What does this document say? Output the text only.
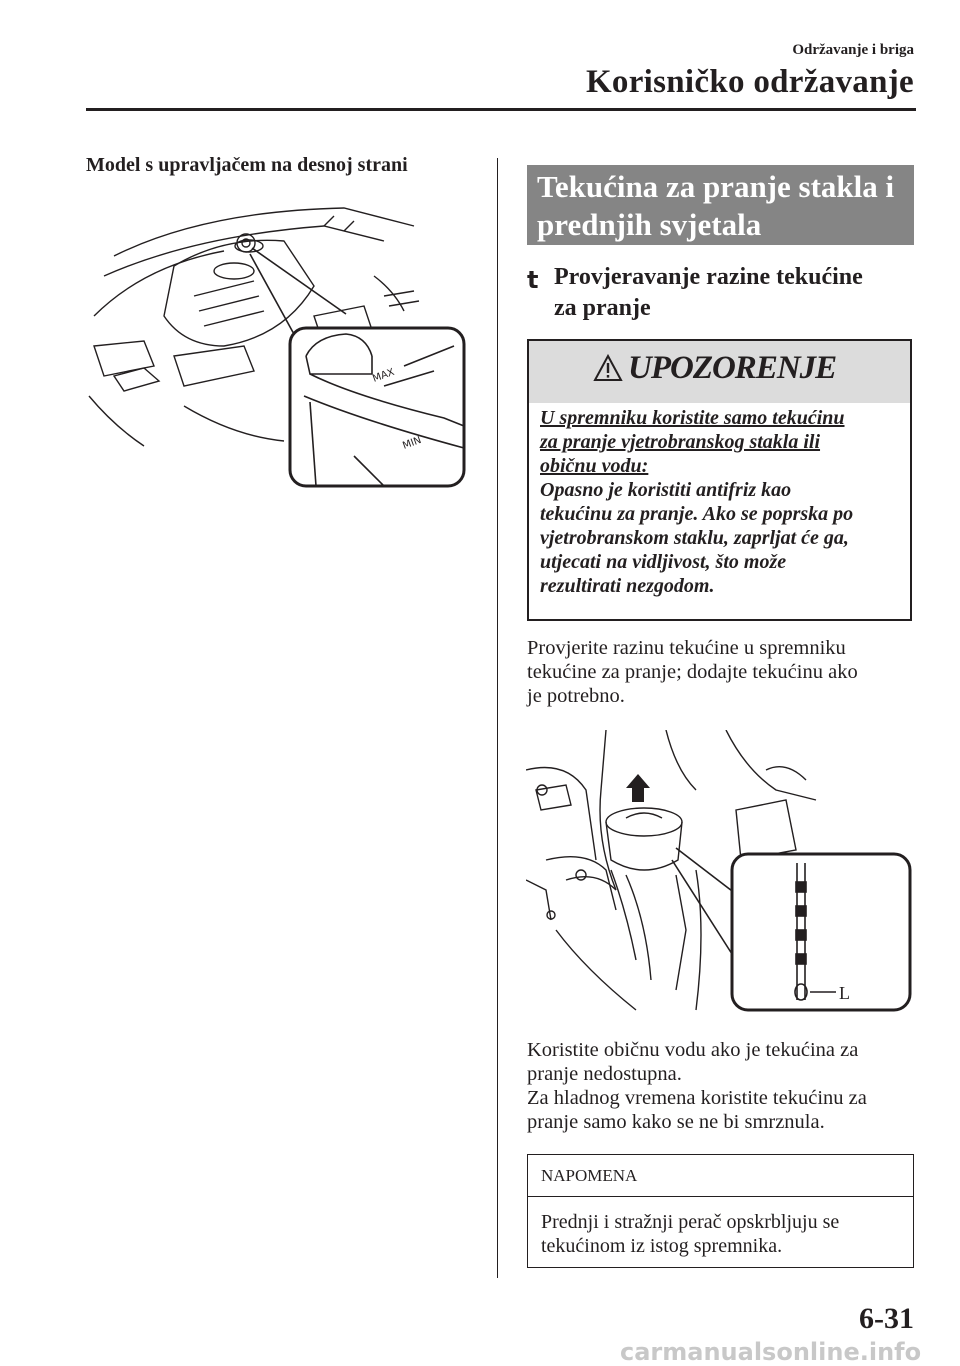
Održavanje i briga
Korisničko održavanje
Model s upravljačem na desnoj strani
MAX
MIN
Tekućina za pranje stakla i
prednjih svjetala
t Provjeravanje razine tekućine
za pranje
UPOZORENJE
U spremniku koristite samo tekućinu
za pranje vjetrobranskog stakla ili
običnu vodu:
Opasno je koristiti antifriz kao
tekućinu za pranje. Ako se poprska po
vjetrobranskom staklu, zaprljat će ga,
utjecati na vidljivost, što može
rezultirati nezgodom.
Provjerite razinu tekućine u spremniku
tekućine za pranje; dodajte tekućinu ako
je potrebno.
L
Koristite običnu vodu ako je tekućina za
pranje nedostupna.
Za hladnog vremena koristite tekućinu za
pranje samo kako se ne bi smrznula.
NAPOMENA
Prednji i stražnji perač opskrbljuju se
tekućinom iz istog spremnika.
6-31
carmanualsonline.info
